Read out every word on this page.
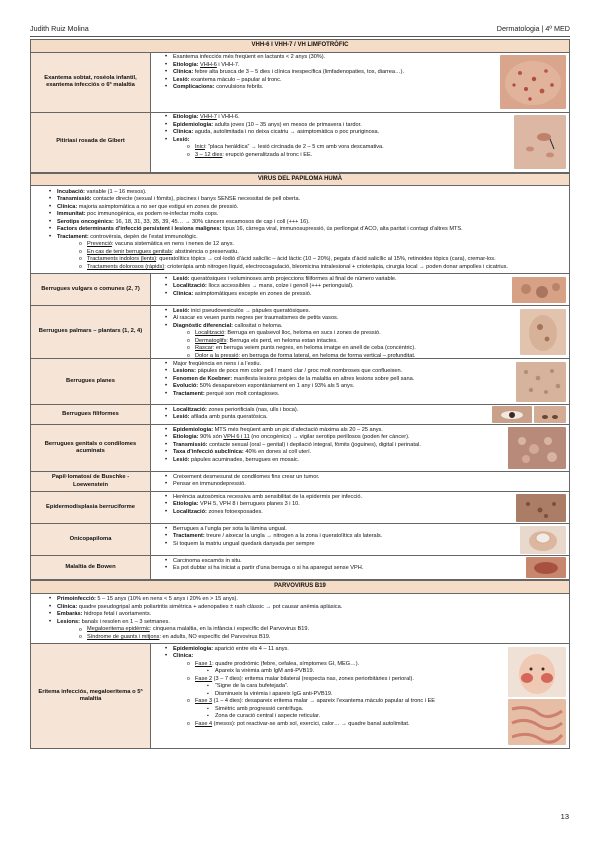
Judith Ruiz Molina	Dermatologia | 4º MED
VHH-6 I VHH-7 / VH LIMFOTRÒFIC
Exantema sobtat, roséola infantil, exantema infecciós o 6ª malaltia
• Exantema infecciós més freqüent en lactants < 2 anys (30%).
• Etiologia: VHH-6 i VHH-7.
• Clínica: febre alta brusca de 3 – 5 dies i clínica inespecífica (limfadenopaties, tos, diarrea…).
• Lesió: exantema màculo – papular al tronc.
• Complicacions: convulsions febrils.
Pitiriasi rosada de Gibert
• Etiologia: VHH-7 i VHH-6.
• Epidemiologia: adults joves (10 – 35 anys) en mesos de primavera i tardor.
• Clínica: aguda, autolimitada i no deixa cicatriu → asimptomàtica o poc pruriginosa.
• Lesió:
o Inici: “placa heràldica” → lesió circinada de 2 – 5 cm amb vora descamativa.
o 3 – 12 dies: erupció generalitzada al tronc i EE.
VIRUS DEL PAPILOMA HUMÀ
• Incubació: variable (1 – 16 mesos).
• Transmissió: contacte directe (sexual i fòmits), piscines i banys SENSE necessitat de pell oberta.
• Clínica: majoria asimptomàtica a no ser que estigui en zones de pressió.
• Immunitat: poc immunogènica, es podem re-infectar molts cops.
• Serotips oncogènics: 16, 18, 31, 33, 35, 39, 45… → 30% càncers escamosos de cap i coll (+++ 16).
• Factors determinants d’infecció persistent i lesions malignes: tipus 16, càrrega viral, immunosupressió, ús perllongat d’ACO, alta paritat i contagi d’altres MTS.
• Tractament: controvèrsia, depèn de l’estat immunològic.
o Prevenció: vacuna sistemàtica en nens i nenes de 12 anys.
o En cas de tenir berrugues genitals: abstinència o preservatiu.
o Tractaments indolors (lents): queratolítics tòpics → col·lodió d’àcid salicílic – àcid làctic (10 – 20%), pegats d’àcid salicílic al 15%, retinoides tòpics (cara), cremar-los.
o Tractaments dolorosos (ràpids): crioteràpia amb nitrogen líquid, electrocoagulació, bleomicina intralesional + crioteràpia, cirurgia local → poden donar ampolles i cicatrius.
Berrugues vulgars o comunes (2, 7)
• Lesió: queratòsiques i voluminoses amb projeccions filiformes al final de número variable.
• Localització: llocs accessibles → mans, colze i genoll (+++ perionguial).
• Clínica: asimptomàtiques excepte en zones de pressió.
Berrugues palmars – plantars (1, 2, 4)
• Lesió: inici pseudovesiculós → pàpules queratòsiques.
• Al rascar es veuen punts negres per traumatismes de petits vasos.
• Diagnòstic diferencial: callositat o heloma.
o Localització: Berruga en qualsevol lloc, heloma en sucs i zones de pressió.
o Dermatoglifs: Berruga els perd, en heloma estan intactes.
o Rascar: en berruga veiem punts negres, en heloma imatge en anell de ceba (concèntric).
o Dolor a la pressió: en berruga de forma lateral, en heloma de forma vertical – profunditat.
Berrugues planes
• Major freqüència en nens i a l’estiu.
• Lesions: pàpules de pocs mm color pell / marró clar / groc molt nombroses que conflueixen.
• Fenomen de Koebner: manifesta lesions pròpies de la malaltia en altres lesions sobre pell sana.
• Evolució: 50% desapareixen espontàniament en 1 any i 93% als 5 anys.
• Tractament: perquè son molt contagioses.
Berrugues filiformes
• Localització: zones periorificials (nas, ulls i boca).
• Lesió: afilada amb punta queratòsica.
Berrugues genitals o condilomes acuminats
• Epidemiologia: MTS més freqüent amb un pic d’afectació màxima als 20 – 25 anys.
• Etiologia: 90% són VPH 6 i 11 (no oncogènics) → vigilar serotips perillosos (poden fer càncer).
• Transmissió: contacte sexual (oral – genital) i depilació integral, fòmits (joguines), digital i perinatal.
• Taxa d’infecció subclínica: 40% en dones al coll uterí.
• Lesió: pàpules acuminades, berrugues en mosaic.
Papil·lomatosi de Buschke - Loewenstein
• Creixement desmesurat de condilomes fins crear un tumor.
• Pensar en immunodepressió.
Epidermodisplasia berruciforme
• Herència autosòmica recessiva amb sensibilitat de la epidermis per infecció.
• Etiologia: VPH 5, VPH 8 i berrugues planes 3 i 10.
• Localització: zones fotoexposades.
Onicopapiloma
• Berrugues a l’ungla per sota la làmina ungual.
• Tractament: treure / aixecar la ungla → nitrogen a la zona i queratolítics als laterals.
• Si toquem la matriu ungual quedarà danyada per sempre
Malaltia de Bowen
• Carcinoma escamós in situ.
• Es pot dubtar si ha iniciat a partir d’una berruga o si ha aparegut sense VPH.
PARVOVIRUS B19
• Primoinfecció: 5 – 15 anys (10% en nens < 5 anys i 20% en > 15 anys).
• Clínica: quadre pseudogripal amb poliartritis simètrica + adenopaties ± rash clàssic → pot causar anèmia aplàsica.
• Embaràs: hidrops fetal i avortaments.
• Lesions: banals i resolen en 1 – 3 setmanes.
o Megaloeritema epidèrmic: cinquena malaltia, en la infància i específic del Parvovirus B19.
o Síndrome de guants i mitjons: en adults, NO específic del Parvovirus B19.
Eritema infecciós, megaloeritema o 5ª malaltia
• Epidemiologia: aparició entre els 4 – 11 anys.
• Clínica:
o Fase 1: quadre prodròmic (febre, cefalea, símptomes GI, MEG…).
▪ Apareix la virèmia amb IgM anti-PVB19.
o Fase 2 (3 – 7 dies): eritema malar bilateral (respecta nas, zones periorbitàries i perioral).
▪ “Signe de la cara bufetejada”.
▪ Disminueix la virèmia i apareix IgG anti-PVB19.
o Fase 3 (1 – 4 dies): desapareix eritema malar → apareix l’exantema màculo papular al tronc i EE
▪ Simètric amb progressió centrífuga.
▪ Zona de curació central i aspecte reticular.
o Fase 4 (mesos): pot reactivar-se amb sol, exercici, calor… → quadre banal autolimitat.
13
